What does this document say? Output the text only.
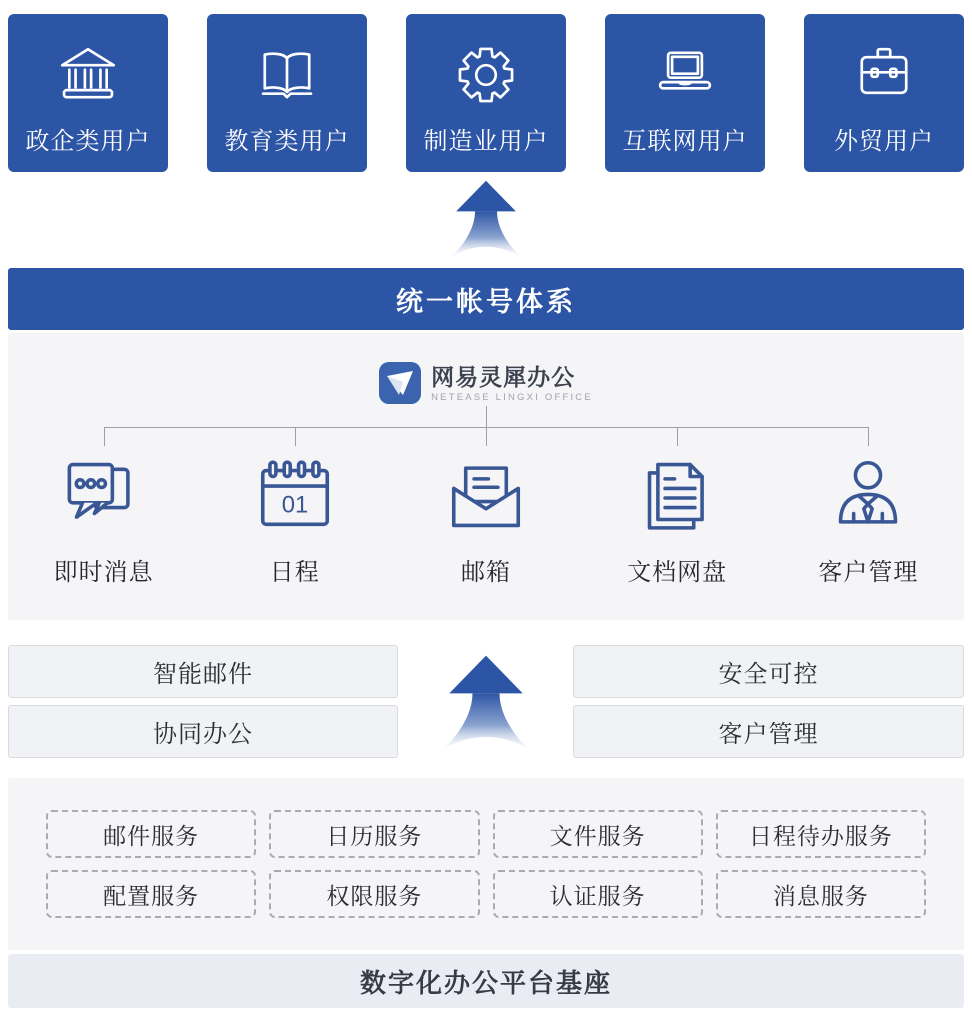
政企类用户	教育类用户	制造业用户	互联网用户	外贸用户
统一帐号体系
网易灵犀办公
NETEASE LINGXI OFFICE
即时消息
01
日程	邮箱	文档网盘	客户管理
智能邮件
协同办公
安全可控
客户管理
邮件服务	日历服务	文件服务	日程待办服务
配置服务	权限服务	认证服务	消息服务
数字化办公平台基座
